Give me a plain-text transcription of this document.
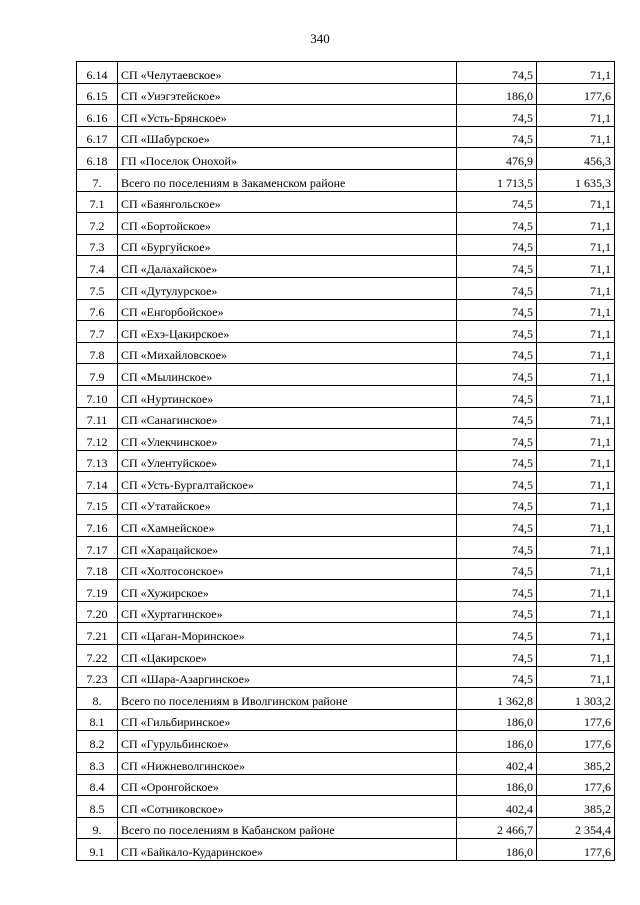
340
6.14	СП «Челутаевское»	74,5	71,1
6.15	СП «Уиэгэтейское»	186,0	177,6
6.16	СП «Усть-Брянское»	74,5	71,1
6.17	СП «Шабурское»	74,5	71,1
6.18	ГП «Поселок Онохой»	476,9	456,3
7.	Всего по поселениям в Закаменском районе	1 713,5	1 635,3
7.1	СП «Баянгольское»	74,5	71,1
7.2	СП «Бортойское»	74,5	71,1
7.3	СП «Бургуйское»	74,5	71,1
7.4	СП «Далахайское»	74,5	71,1
7.5	СП «Дутулурское»	74,5	71,1
7.6	СП «Енгорбойское»	74,5	71,1
7.7	СП «Ехэ-Цакирское»	74,5	71,1
7.8	СП «Михайловское»	74,5	71,1
7.9	СП «Мылинское»	74,5	71,1
7.10	СП «Нуртинское»	74,5	71,1
7.11	СП «Санагинское»	74,5	71,1
7.12	СП «Улекчинское»	74,5	71,1
7.13	СП «Улентуйское»	74,5	71,1
7.14	СП «Усть-Бургалтайское»	74,5	71,1
7.15	СП «Утатайское»	74,5	71,1
7.16	СП «Хамнейское»	74,5	71,1
7.17	СП «Харацайское»	74,5	71,1
7.18	СП «Холтосонское»	74,5	71,1
7.19	СП «Хужирское»	74,5	71,1
7.20	СП «Хуртагинское»	74,5	71,1
7.21	СП «Цаган-Моринское»	74,5	71,1
7.22	СП «Цакирское»	74,5	71,1
7.23	СП «Шара-Азаргинское»	74,5	71,1
8.	Всего по поселениям в Иволгинском районе	1 362,8	1 303,2
8.1	СП «Гильбиринское»	186,0	177,6
8.2	СП «Гурульбинское»	186,0	177,6
8.3	СП «Нижневолгинское»	402,4	385,2
8.4	СП «Оронгойское»	186,0	177,6
8.5	СП «Сотниковское»	402,4	385,2
9.	Всего по поселениям в Кабанском районе	2 466,7	2 354,4
9.1	СП «Байкало-Кударинское»	186,0	177,6
